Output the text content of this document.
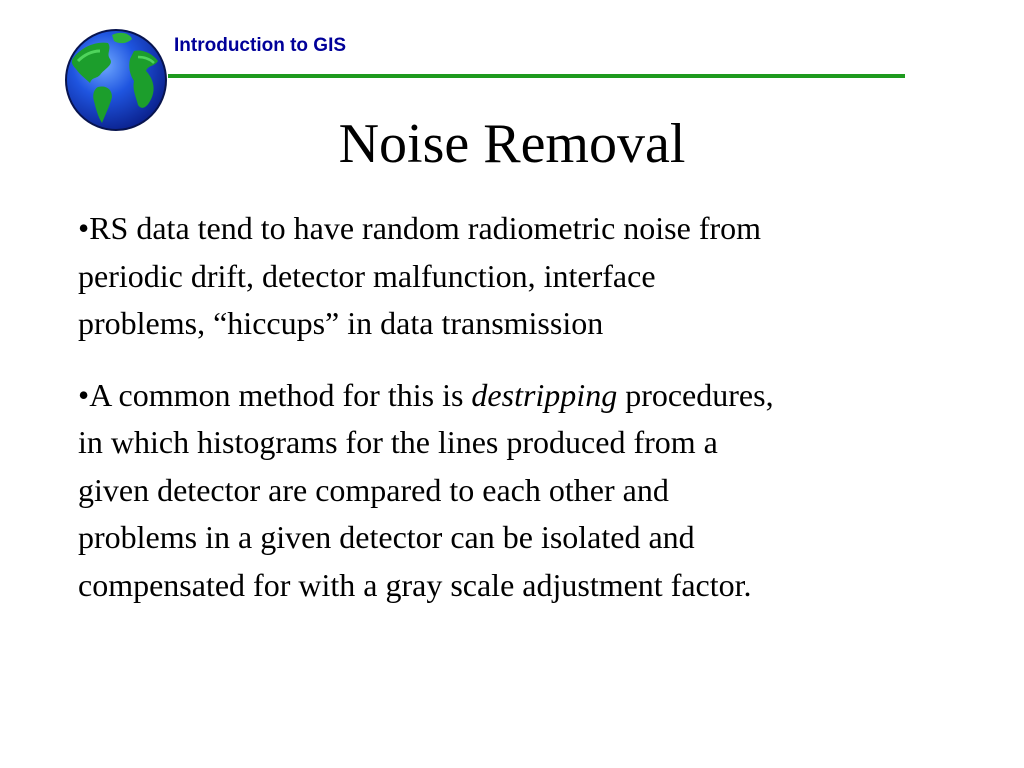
Introduction to GIS
Noise Removal

•RS data tend to have random radiometric noise from
periodic drift, detector malfunction, interface
problems, “hiccups” in data transmission

•A common method for this is destripping procedures,
in which histograms for the lines produced from a
given detector are compared to each other and
problems in a given detector can be isolated and
compensated for with a gray scale adjustment factor.
